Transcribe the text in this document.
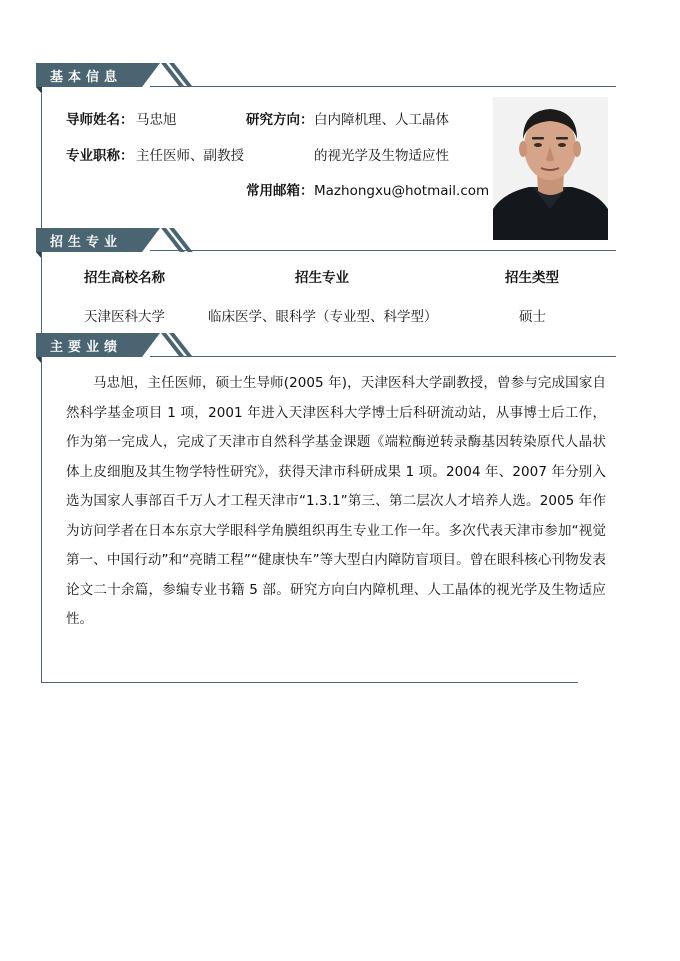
基本信息
导师姓名： 马忠旭	研究方向： 白内障机理、人工晶体
的视光学及生物适应性
专业职称： 主任医师、副教授
常用邮箱： Mazhongxu@hotmail.com
招生专业
招生高校名称	招生专业	招生类型
天津医科大学	临床医学、眼科学（专业型、科学型）	硕士
主要业绩
马忠旭，主任医师，硕士生导师(2005 年)，天津医科大学副教授，曾参与完成国家自然科学基金项目 1 项，2001 年进入天津医科大学博士后科研流动站，从事博士后工作，作为第一完成人，完成了天津市自然科学基金课题《端粒酶逆转录酶基因转染原代人晶状体上皮细胞及其生物学特性研究》，获得天津市科研成果 1 项。2004 年、2007 年分别入选为国家人事部百千万人才工程天津市“1.3.1”第三、第二层次人才培养人选。2005 年作为访问学者在日本东京大学眼科学角膜组织再生专业工作一年。多次代表天津市参加“视觉第一、中国行动”和“亮睛工程”“健康快车”等大型白内障防盲项目。曾在眼科核心刊物发表论文二十余篇，参编专业书籍 5 部。研究方向白内障机理、人工晶体的视光学及生物适应性。
